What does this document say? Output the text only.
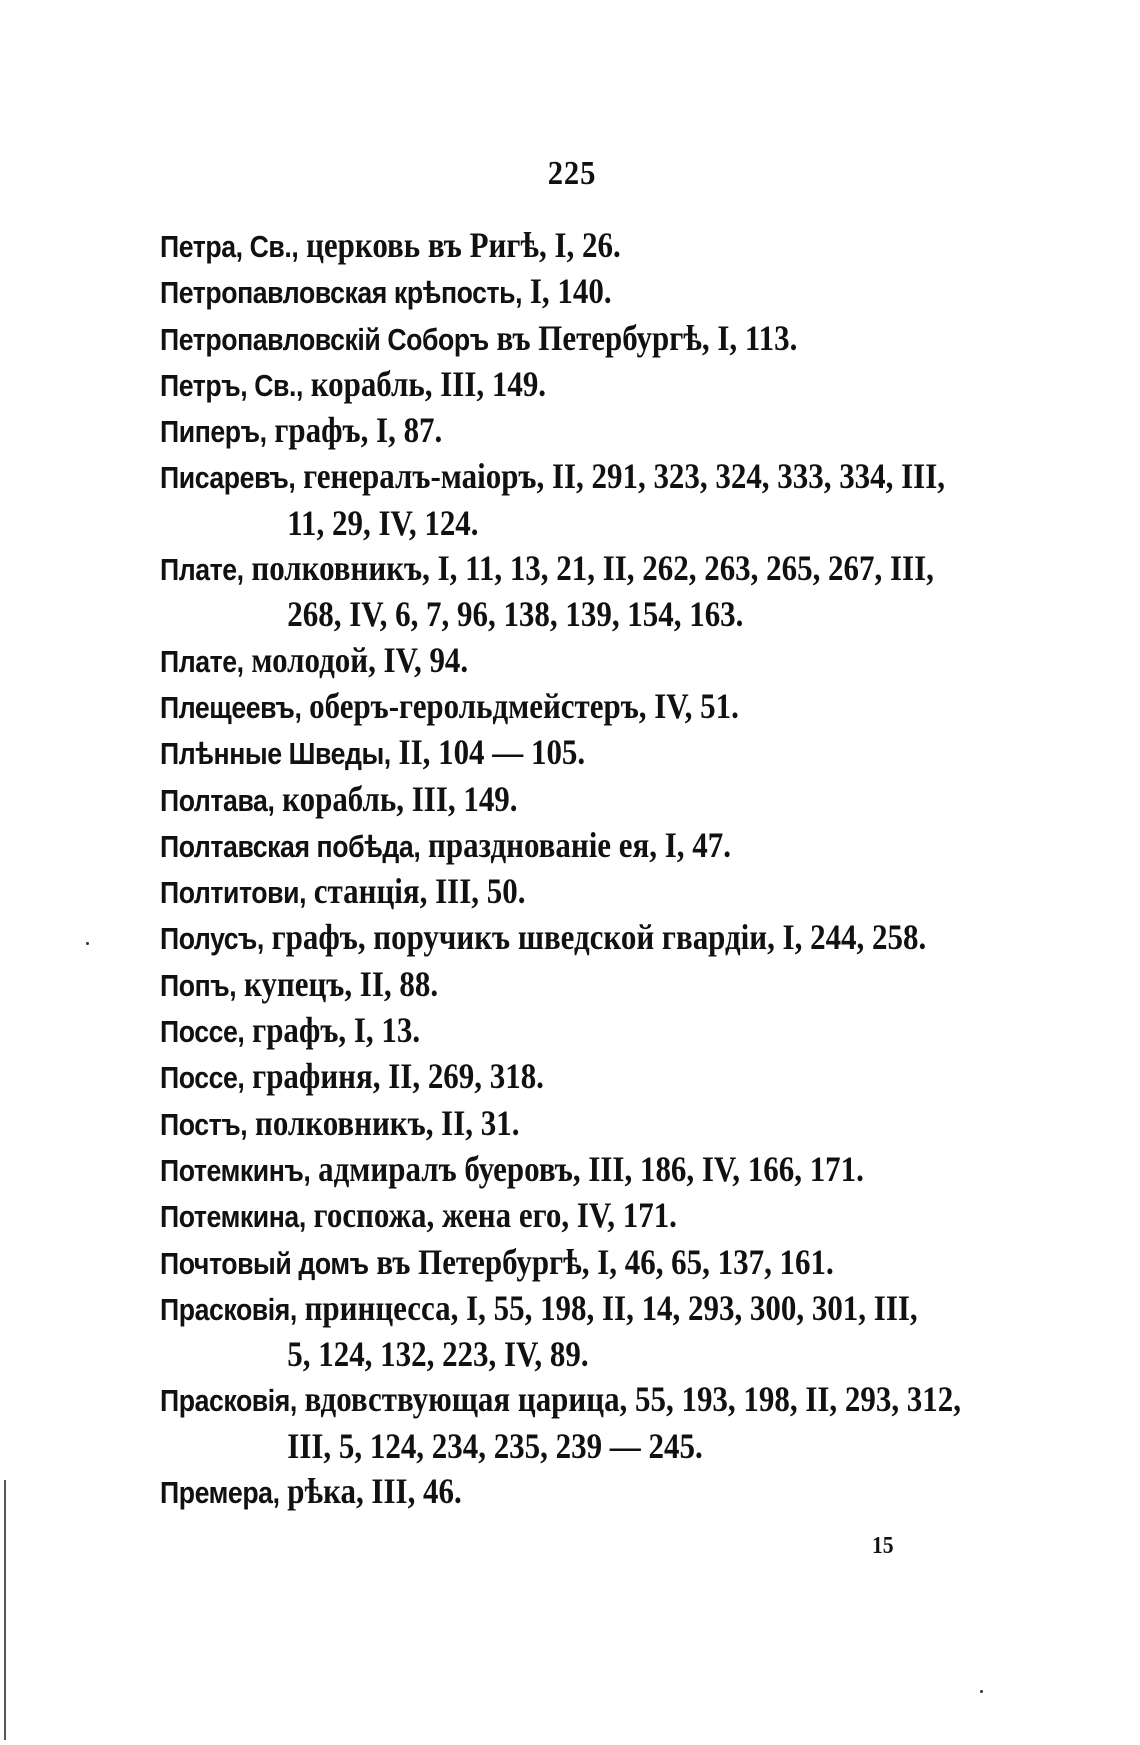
225
Петра, Св., церковь въ Ригѣ, I, 26.
Петропавловская крѣпость, I, 140.
Петропавловскій Соборъ въ Петербургѣ, I, 113.
Петръ, Св., корабль, III, 149.
Пиперъ, графъ, I, 87.
Писаревъ, генералъ-маіоръ, II, 291, 323, 324, 333, 334, III,
11, 29, IV, 124.
Плате, полковникъ, I, 11, 13, 21, II, 262, 263, 265, 267, III,
268, IV, 6, 7, 96, 138, 139, 154, 163.
Плате, молодой, IV, 94.
Плещеевъ, оберъ-герольдмейстеръ, IV, 51.
Плѣнные Шведы, II, 104 — 105.
Полтава, корабль, III, 149.
Полтавская побѣда, празднованіе ея, I, 47.
Полтитови, станція, III, 50.
Полусъ, графъ, поручикъ шведской гвардіи, I, 244, 258.
Попъ, купецъ, II, 88.
Поссе, графъ, I, 13.
Поссе, графиня, II, 269, 318.
Постъ, полковникъ, II, 31.
Потемкинъ, адмиралъ буеровъ, III, 186, IV, 166, 171.
Потемкина, госпожа, жена его, IV, 171.
Почтовый домъ въ Петербургѣ, I, 46, 65, 137, 161.
Прасковія, принцесса, I, 55, 198, II, 14, 293, 300, 301, III,
5, 124, 132, 223, IV, 89.
Прасковія, вдовствующая царица, 55, 193, 198, II, 293, 312,
III, 5, 124, 234, 235, 239 — 245.
Премера, рѣка, III, 46.
15
